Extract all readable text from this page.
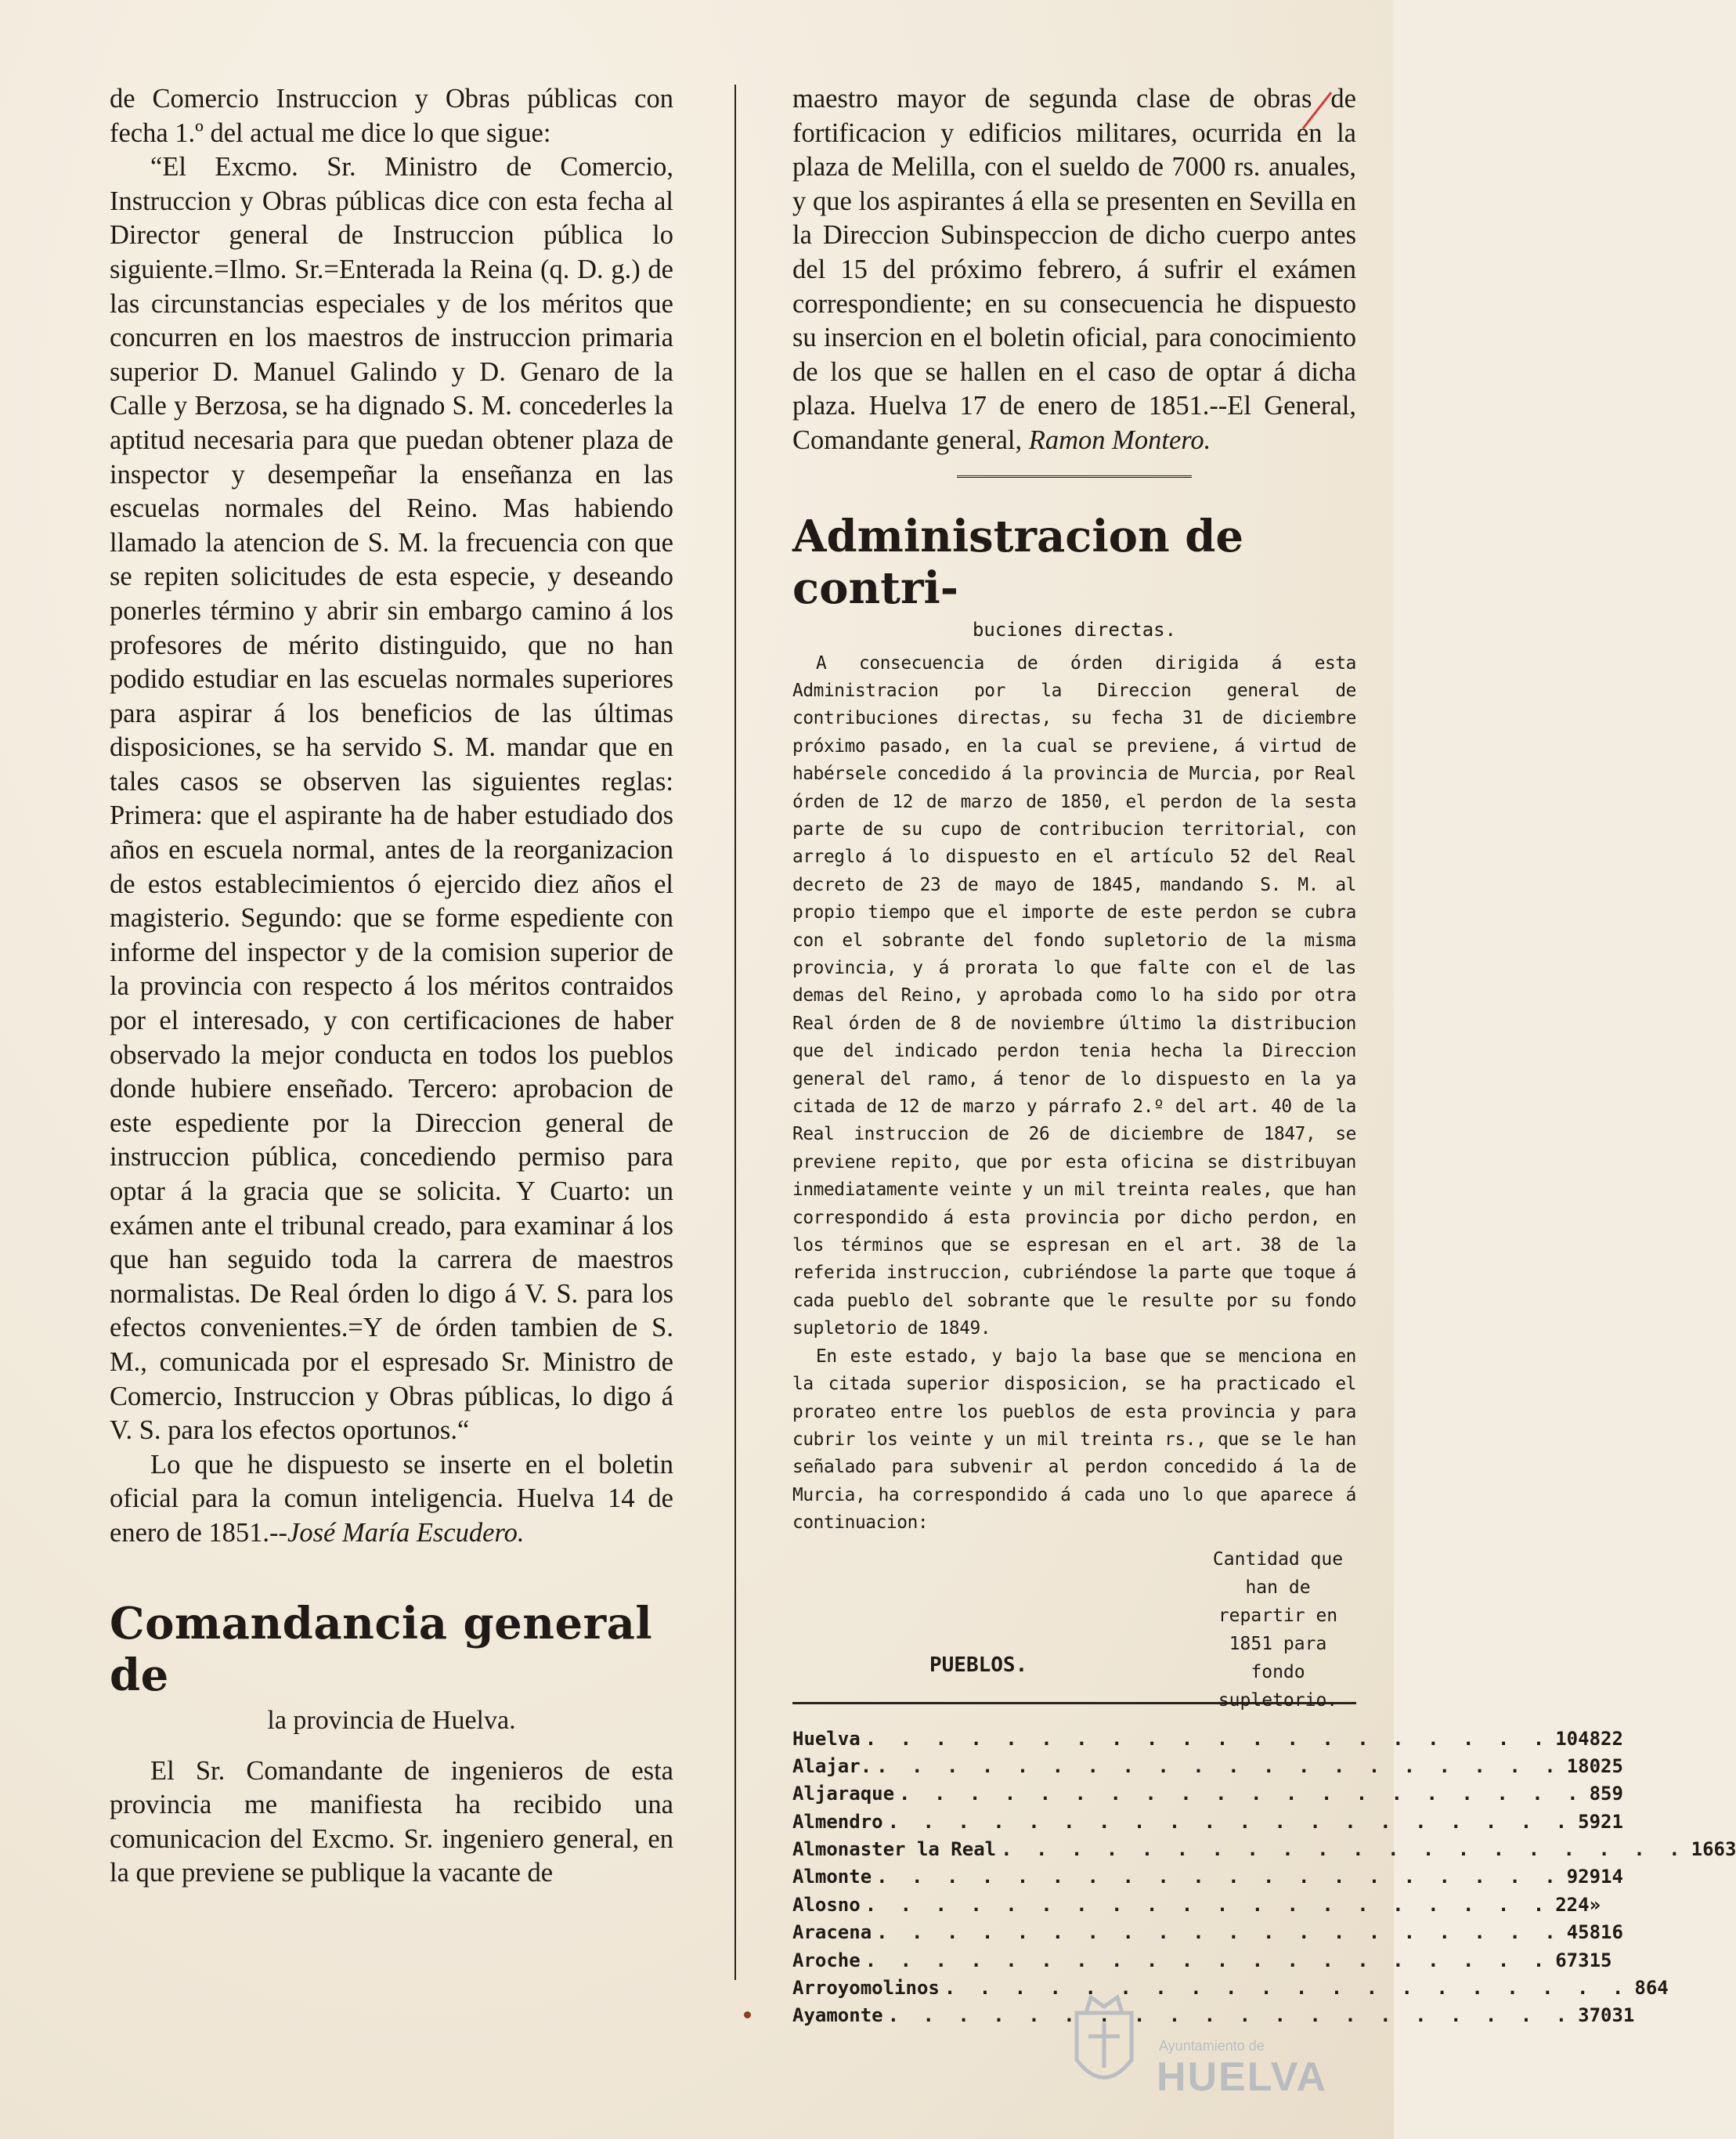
de Comercio Instruccion y Obras públicas con fecha 1.º del actual me dice lo que sigue:

“El Excmo. Sr. Ministro de Comercio, Instruccion y Obras públicas dice con esta fecha al Director general de Instruccion pública lo siguiente.=Ilmo. Sr.=Enterada la Reina (q. D. g.) de las circunstancias especiales y de los méritos que concurren en los maestros de instruccion primaria superior D. Manuel Galindo y D. Genaro de la Calle y Berzosa, se ha dignado S. M. concederles la aptitud necesaria para que puedan obtener plaza de inspector y desempeñar la enseñanza en las escuelas normales del Reino. Mas habiendo llamado la atencion de S. M. la frecuencia con que se repiten solicitudes de esta especie, y deseando ponerles término y abrir sin embargo camino á los profesores de mérito distinguido, que no han podido estudiar en las escuelas normales superiores para aspirar á los beneficios de las últimas disposiciones, se ha servido S. M. mandar que en tales casos se observen las siguientes reglas: Primera: que el aspirante ha de haber estudiado dos años en escuela normal, antes de la reorganizacion de estos establecimientos ó ejercido diez años el magisterio. Segundo: que se forme espediente con informe del inspector y de la comision superior de la provincia con respecto á los méritos contraidos por el interesado, y con certificaciones de haber observado la mejor conducta en todos los pueblos donde hubiere enseñado. Tercero: aprobacion de este espediente por la Direccion general de instruccion pública, concediendo permiso para optar á la gracia que se solicita. Y Cuarto: un exámen ante el tribunal creado, para examinar á los que han seguido toda la carrera de maestros normalistas. De Real órden lo digo á V. S. para los efectos convenientes.=Y de órden tambien de S. M., comunicada por el espresado Sr. Ministro de Comercio, Instruccion y Obras públicas, lo digo á V. S. para los efectos oportunos.“

Lo que he dispuesto se inserte en el boletin oficial para la comun inteligencia. Huelva 14 de enero de 1851.--José María Escudero.

Comandancia general de
la provincia de Huelva.

El Sr. Comandante de ingenieros de esta provincia me manifiesta ha recibido una comunicacion del Excmo. Sr. ingeniero general, en la que previene se publique la vacante de

maestro mayor de segunda clase de obras de fortificacion y edificios militares, ocurrida en la plaza de Melilla, con el sueldo de 7000 rs. anuales, y que los aspirantes á ella se presenten en Sevilla en la Direccion Subinspeccion de dicho cuerpo antes del 15 del próximo febrero, á sufrir el exámen correspondiente; en su consecuencia he dispuesto su insercion en el boletin oficial, para conocimiento de los que se hallen en el caso de optar á dicha plaza. Huelva 17 de enero de 1851.--El General, Comandante general, Ramon Montero.

Administracion de contri-
buciones directas.

A consecuencia de órden dirigida á esta Administracion por la Direccion general de contribuciones directas, su fecha 31 de diciembre próximo pasado, en la cual se previene, á virtud de habérsele concedido á la provincia de Murcia, por Real órden de 12 de marzo de 1850, el perdon de la sesta parte de su cupo de contribucion territorial, con arreglo á lo dispuesto en el artículo 52 del Real decreto de 23 de mayo de 1845, mandando S. M. al propio tiempo que el importe de este perdon se cubra con el sobrante del fondo supletorio de la misma provincia, y á prorata lo que falte con el de las demas del Reino, y aprobada como lo ha sido por otra Real órden de 8 de noviembre último la distribucion que del indicado perdon tenia hecha la Direccion general del ramo, á tenor de lo dispuesto en la ya citada de 12 de marzo y párrafo 2.º del art. 40 de la Real instruccion de 26 de diciembre de 1847, se previene repito, que por esta oficina se distribuyan inmediatamente veinte y un mil treinta reales, que han correspondido á esta provincia por dicho perdon, en los términos que se espresan en el art. 38 de la referida instruccion, cubriéndose la parte que toque á cada pueblo del sobrante que le resulte por su fondo supletorio de 1849.

En este estado, y bajo la base que se menciona en la citada superior disposicion, se ha practicado el prorateo entre los pueblos de esta provincia y para cubrir los veinte y un mil treinta rs., que se le han señalado para subvenir al perdon concedido á la de Murcia, ha correspondido á cada uno lo que aparece á continuacion:

PUEBLOS.
Cantidad que han de repartir en 1851 para fondo supletorio.
Huelva . . . . . . . . . . . . . . . . . . . . 1048 22
Alajar. . . . . . . . . . . . . . . . . . . . . 180 25
Aljaraque . . . . . . . . . . . . . . . . . . . . 85 9
Almendro . . . . . . . . . . . . . . . . . . . . 59 21
Almonaster la Real . . . . . . . . . . . . . . . . . . . . 166 3
Almonte . . . . . . . . . . . . . . . . . . . . 929 14
Alosno . . . . . . . . . . . . . . . . . . . . 224 »
Aracena . . . . . . . . . . . . . . . . . . . . 458 16
Aroche . . . . . . . . . . . . . . . . . . . . 673 15
Arroyomolinos . . . . . . . . . . . . . . . . . . . . 86 4
Ayamonte . . . . . . . . . . . . . . . . . . . . 370 31
Ayuntamiento de
HUELVA
